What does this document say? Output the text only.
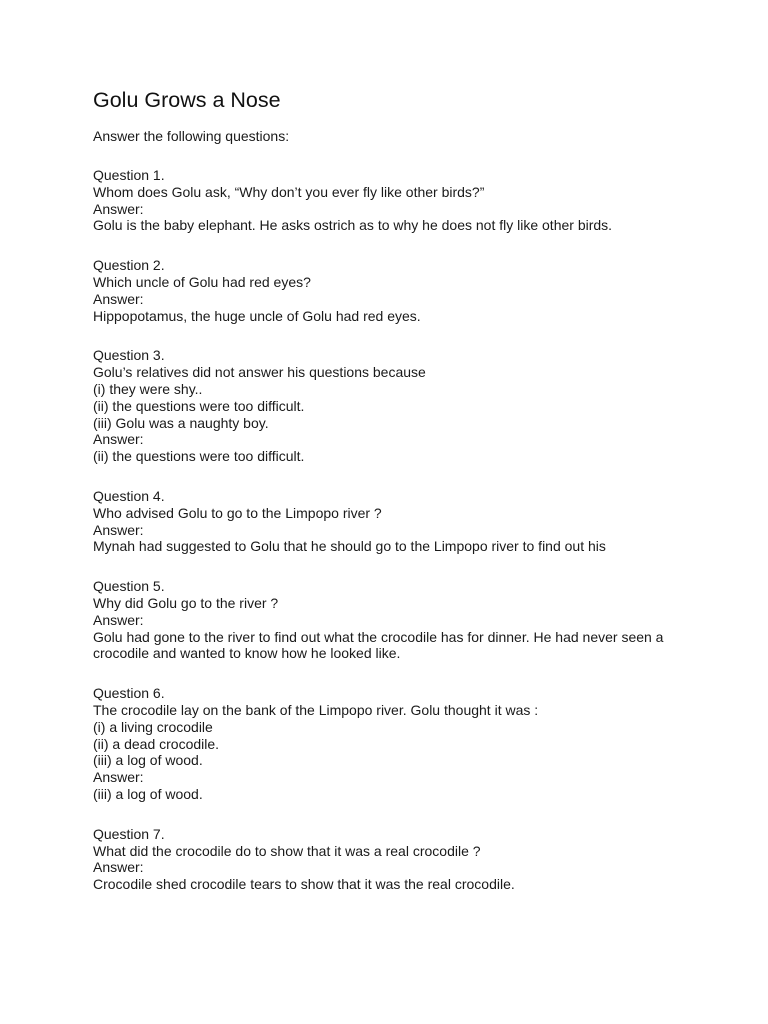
Golu Grows a Nose
Answer the following questions:
Question 1.
Whom does Golu ask, “Why don’t you ever fly like other birds?”
Answer:
Golu is the baby elephant. He asks ostrich as to why he does not fly like other birds.
Question 2.
Which uncle of Golu had red eyes?
Answer:
Hippopotamus, the huge uncle of Golu had red eyes.
Question 3.
Golu’s relatives did not answer his questions because
(i) they were shy..
(ii) the questions were too difficult.
(iii) Golu was a naughty boy.
Answer:
(ii) the questions were too difficult.
Question 4.
Who advised Golu to go to the Limpopo river ?
Answer:
Mynah had suggested to Golu that he should go to the Limpopo river to find out his
Question 5.
Why did Golu go to the river ?
Answer:
Golu had gone to the river to find out what the crocodile has for dinner. He had never seen a crocodile and wanted to know how he looked like.
Question 6.
The crocodile lay on the bank of the Limpopo river. Golu thought it was :
(i) a living crocodile
(ii) a dead crocodile.
(iii) a log of wood.
Answer:
(iii) a log of wood.
Question 7.
What did the crocodile do to show that it was a real crocodile ?
Answer:
Crocodile shed crocodile tears to show that it was the real crocodile.
